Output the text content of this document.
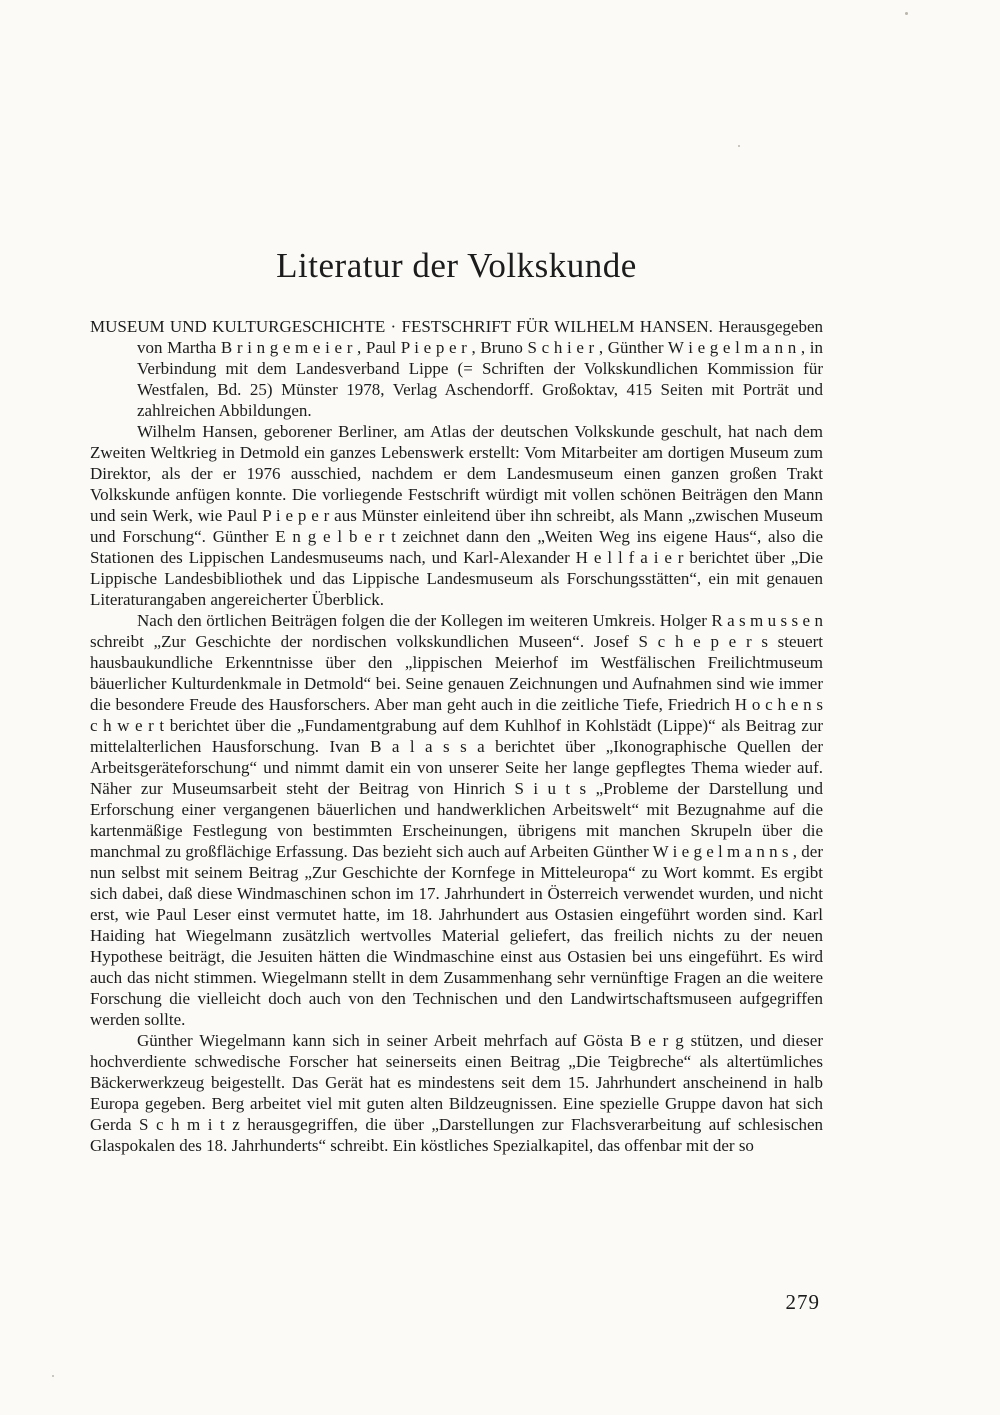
Literatur der Volkskunde

MUSEUM UND KULTURGESCHICHTE · FESTSCHRIFT FÜR WILHELM HANSEN. Herausgegeben von Martha B r i n g e m e i e r , Paul P i e p e r , Bruno S c h i e r , Günther W i e g e l m a n n , in Verbindung mit dem Landesverband Lippe (= Schriften der Volkskundlichen Kommission für Westfalen, Bd. 25) Münster 1978, Verlag Aschendorff. Großoktav, 415 Seiten mit Porträt und zahlreichen Abbildungen.

Wilhelm Hansen, geborener Berliner, am Atlas der deutschen Volkskunde geschult, hat nach dem Zweiten Weltkrieg in Detmold ein ganzes Lebenswerk erstellt: Vom Mitarbeiter am dortigen Museum zum Direktor, als der er 1976 ausschied, nachdem er dem Landesmuseum einen ganzen großen Trakt Volkskunde anfügen konnte. Die vorliegende Festschrift würdigt mit vollen schönen Beiträgen den Mann und sein Werk, wie Paul P i e p e r aus Münster einleitend über ihn schreibt, als Mann „zwischen Museum und Forschung“. Günther E n g e l b e r t zeichnet dann den „Weiten Weg ins eigene Haus“, also die Stationen des Lippischen Landesmuseums nach, und Karl-Alexander H e l l f a i e r berichtet über „Die Lippische Landesbibliothek und das Lippische Landesmuseum als Forschungsstätten“, ein mit genauen Literaturangaben angereicherter Überblick.

Nach den örtlichen Beiträgen folgen die der Kollegen im weiteren Umkreis. Holger R a s m u s s e n schreibt „Zur Geschichte der nordischen volkskundlichen Museen“. Josef S c h e p e r s steuert hausbaukundliche Erkenntnisse über den „lippischen Meierhof im Westfälischen Freilichtmuseum bäuerlicher Kulturdenkmale in Detmold“ bei. Seine genauen Zeichnungen und Aufnahmen sind wie immer die besondere Freude des Hausforschers. Aber man geht auch in die zeitliche Tiefe, Friedrich H o c h e n s c h w e r t berichtet über die „Fundamentgrabung auf dem Kuhlhof in Kohlstädt (Lippe)“ als Beitrag zur mittelalterlichen Hausforschung. Ivan B a l a s s a berichtet über „Ikonographische Quellen der Arbeitsgeräteforschung“ und nimmt damit ein von unserer Seite her lange gepflegtes Thema wieder auf. Näher zur Museumsarbeit steht der Beitrag von Hinrich S i u t s „Probleme der Darstellung und Erforschung einer vergangenen bäuerlichen und handwerklichen Arbeitswelt“ mit Bezugnahme auf die kartenmäßige Festlegung von bestimmten Erscheinungen, übrigens mit manchen Skrupeln über die manchmal zu großflächige Erfassung. Das bezieht sich auch auf Arbeiten Günther W i e g e l m a n n s , der nun selbst mit seinem Beitrag „Zur Geschichte der Kornfege in Mitteleuropa“ zu Wort kommt. Es ergibt sich dabei, daß diese Windmaschinen schon im 17. Jahrhundert in Österreich verwendet wurden, und nicht erst, wie Paul Leser einst vermutet hatte, im 18. Jahrhundert aus Ostasien eingeführt worden sind. Karl Haiding hat Wiegelmann zusätzlich wertvolles Material geliefert, das freilich nichts zu der neuen Hypothese beiträgt, die Jesuiten hätten die Windmaschine einst aus Ostasien bei uns eingeführt. Es wird auch das nicht stimmen. Wiegelmann stellt in dem Zusammenhang sehr vernünftige Fragen an die weitere Forschung die vielleicht doch auch von den Technischen und den Landwirtschaftsmuseen aufgegriffen werden sollte.

Günther Wiegelmann kann sich in seiner Arbeit mehrfach auf Gösta B e r g stützen, und dieser hochverdiente schwedische Forscher hat seinerseits einen Beitrag „Die Teigbreche“ als altertümliches Bäckerwerkzeug beigestellt. Das Gerät hat es mindestens seit dem 15. Jahrhundert anscheinend in halb Europa gegeben. Berg arbeitet viel mit guten alten Bildzeugnissen. Eine spezielle Gruppe davon hat sich Gerda S c h m i t z herausgegriffen, die über „Darstellungen zur Flachsverarbeitung auf schlesischen Glaspokalen des 18. Jahrhunderts“ schreibt. Ein köstliches Spezialkapitel, das offenbar mit der so

279
